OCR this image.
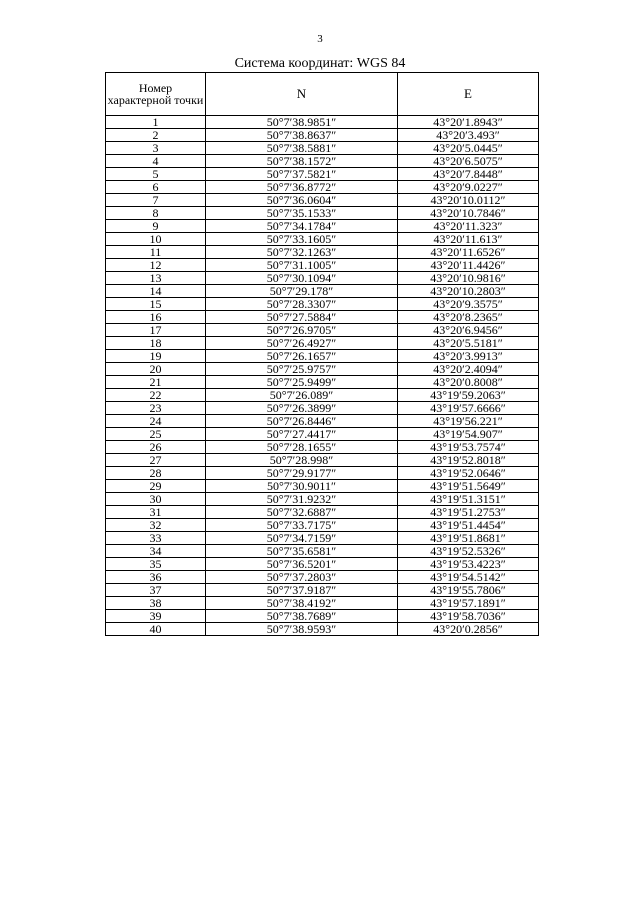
3
Система координат: WGS 84
Номер характерной точки	N	E
1	50°7′38.9851″	43°20′1.8943″
2	50°7′38.8637″	43°20′3.493″
3	50°7′38.5881″	43°20′5.0445″
4	50°7′38.1572″	43°20′6.5075″
5	50°7′37.5821″	43°20′7.8448″
6	50°7′36.8772″	43°20′9.0227″
7	50°7′36.0604″	43°20′10.0112″
8	50°7′35.1533″	43°20′10.7846″
9	50°7′34.1784″	43°20′11.323″
10	50°7′33.1605″	43°20′11.613″
11	50°7′32.1263″	43°20′11.6526″
12	50°7′31.1005″	43°20′11.4426″
13	50°7′30.1094″	43°20′10.9816″
14	50°7′29.178″	43°20′10.2803″
15	50°7′28.3307″	43°20′9.3575″
16	50°7′27.5884″	43°20′8.2365″
17	50°7′26.9705″	43°20′6.9456″
18	50°7′26.4927″	43°20′5.5181″
19	50°7′26.1657″	43°20′3.9913″
20	50°7′25.9757″	43°20′2.4094″
21	50°7′25.9499″	43°20′0.8008″
22	50°7′26.089″	43°19′59.2063″
23	50°7′26.3899″	43°19′57.6666″
24	50°7′26.8446″	43°19′56.221″
25	50°7′27.4417″	43°19′54.907″
26	50°7′28.1655″	43°19′53.7574″
27	50°7′28.998″	43°19′52.8018″
28	50°7′29.9177″	43°19′52.0646″
29	50°7′30.9011″	43°19′51.5649″
30	50°7′31.9232″	43°19′51.3151″
31	50°7′32.6887″	43°19′51.2753″
32	50°7′33.7175″	43°19′51.4454″
33	50°7′34.7159″	43°19′51.8681″
34	50°7′35.6581″	43°19′52.5326″
35	50°7′36.5201″	43°19′53.4223″
36	50°7′37.2803″	43°19′54.5142″
37	50°7′37.9187″	43°19′55.7806″
38	50°7′38.4192″	43°19′57.1891″
39	50°7′38.7689″	43°19′58.7036″
40	50°7′38.9593″	43°20′0.2856″
